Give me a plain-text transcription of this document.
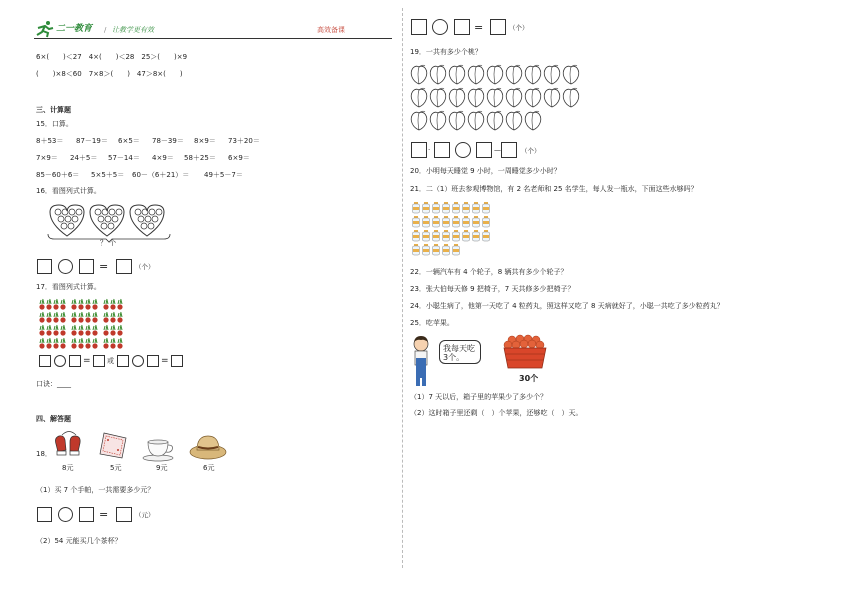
二一教育 / 让教学更有效	高效备课
6×(　　)＜27　4×(　　)＜28　25＞(　　)×9
(　　)×8＜60　7×8＞(　　)　47＞8×(　　)
三、计算题
15．口算。
8＋53＝ 87－19＝ 6×5＝ 78－39＝ 8×9＝ 73＋20＝
7×9＝ 24＋5＝ 57－14＝ 4×9＝ 58＋25＝ 6×9＝
85－60＋6＝ 5×5＋5＝ 60－（6＋21）＝ 49＋5－7＝
16．看图列式计算。
？ 个
=	（个）
17．看图列式计算。
= 或	=
口诀：____
四、解答题
18．
8元	5元	9元	6元
（1）买 7 个手帕，一共需要多少元？
=	（元）
（2）54 元能买几个茶杯？
=	（个）
19．一共有多少个桃？
·	—	（个）
20．小明每天睡觉 9 小时，一周睡觉多少小时？
21．二（1）班去参观博物馆，有 2 名老师和 25 名学生，每人发一瓶水，下面这些水够吗？
22．一辆汽车有 4 个轮子，8 辆共有多少个轮子？
23．张大伯每天修 9 把椅子，7 天共修多少把椅子？
24．小聪生病了，他第一天吃了 4 粒药丸，照这样又吃了 8 天病就好了，小聪一共吃了多少粒药丸？
25．吃苹果。
我每天吃3个。
30个
（1）7 天以后，箱子里的苹果少了多少个？
（2）这时箱子里还剩（　）个苹果，还够吃（　）天。
